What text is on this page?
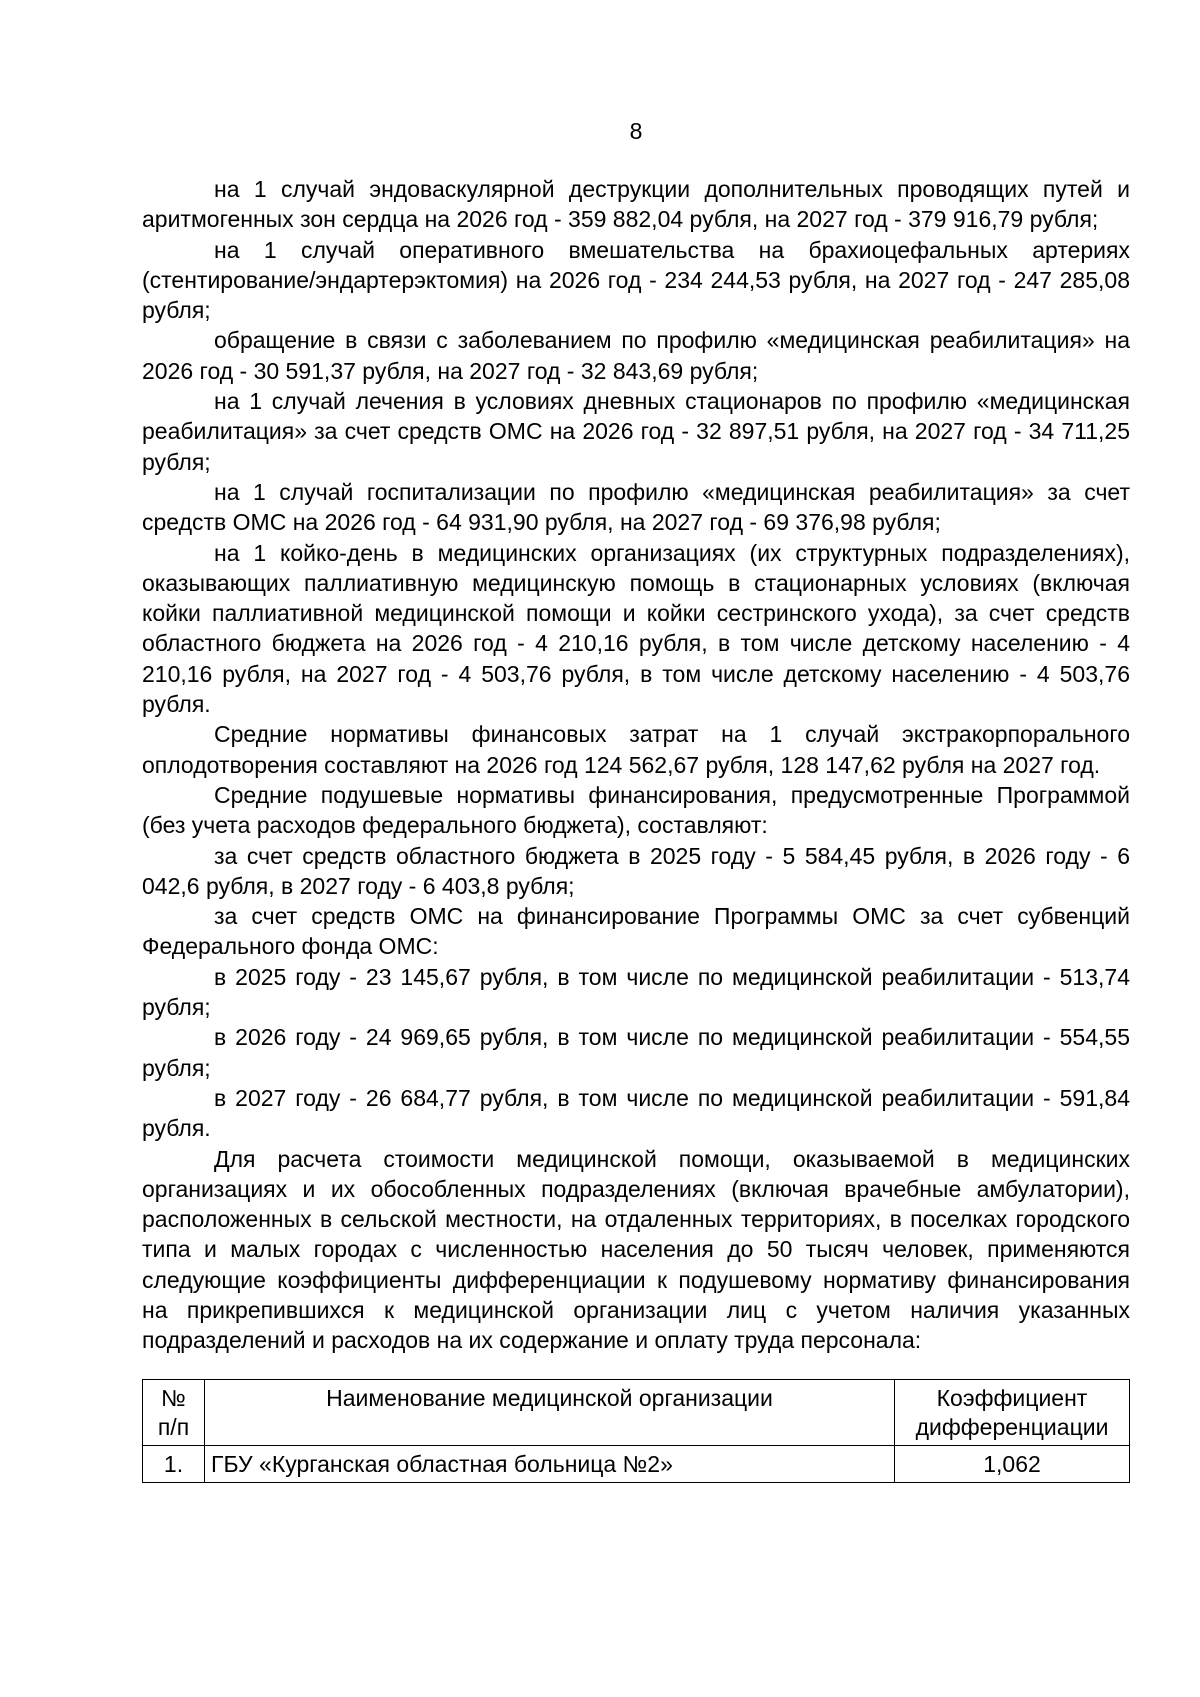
8

на 1 случай эндоваскулярной деструкции дополнительных проводящих путей и аритмогенных зон сердца на 2026 год - 359 882,04 рубля, на 2027 год - 379 916,79 рубля;

на 1 случай оперативного вмешательства на брахиоцефальных артериях (стентирование/эндартерэктомия) на 2026 год - 234 244,53 рубля, на 2027 год - 247 285,08 рубля;

обращение в связи с заболеванием по профилю «медицинская реабилитация» на 2026 год - 30 591,37 рубля, на 2027 год - 32 843,69 рубля;

на 1 случай лечения в условиях дневных стационаров по профилю «медицинская реабилитация» за счет средств ОМС на 2026 год - 32 897,51 рубля, на 2027 год - 34 711,25 рубля;

на 1 случай госпитализации по профилю «медицинская реабилитация» за счет средств ОМС на 2026 год - 64 931,90 рубля, на 2027 год - 69 376,98 рубля;

на 1 койко-день в медицинских организациях (их структурных подразделениях), оказывающих паллиативную медицинскую помощь в стационарных условиях (включая койки паллиативной медицинской помощи и койки сестринского ухода), за счет средств областного бюджета на 2026 год - 4 210,16 рубля, в том числе детскому населению - 4 210,16 рубля, на 2027 год - 4 503,76 рубля, в том числе детскому населению - 4 503,76 рубля.

Средние нормативы финансовых затрат на 1 случай экстракорпорального оплодотворения составляют на 2026 год 124 562,67 рубля, 128 147,62 рубля на 2027 год.

Средние подушевые нормативы финансирования, предусмотренные Программой (без учета расходов федерального бюджета), составляют:

за счет средств областного бюджета в 2025 году - 5 584,45 рубля, в 2026 году - 6 042,6 рубля, в 2027 году - 6 403,8 рубля;

за счет средств ОМС на финансирование Программы ОМС за счет субвенций Федерального фонда ОМС:

в 2025 году - 23 145,67 рубля, в том числе по медицинской реабилитации - 513,74 рубля;

в 2026 году - 24 969,65 рубля, в том числе по медицинской реабилитации - 554,55 рубля;

в 2027 году - 26 684,77 рубля, в том числе по медицинской реабилитации - 591,84 рубля.

Для расчета стоимости медицинской помощи, оказываемой в медицинских организациях и их обособленных подразделениях (включая врачебные амбулатории), расположенных в сельской местности, на отдаленных территориях, в поселках городского типа и малых городах с численностью населения до 50 тысяч человек, применяются следующие коэффициенты дифференциации к подушевому нормативу финансирования на прикрепившихся к медицинской организации лиц с учетом наличия указанных подразделений и расходов на их содержание и оплату труда персонала:

№ п/п	Наименование медицинской организации	Коэффициент дифференциации
1.	ГБУ «Курганская областная больница №2»	1,062
